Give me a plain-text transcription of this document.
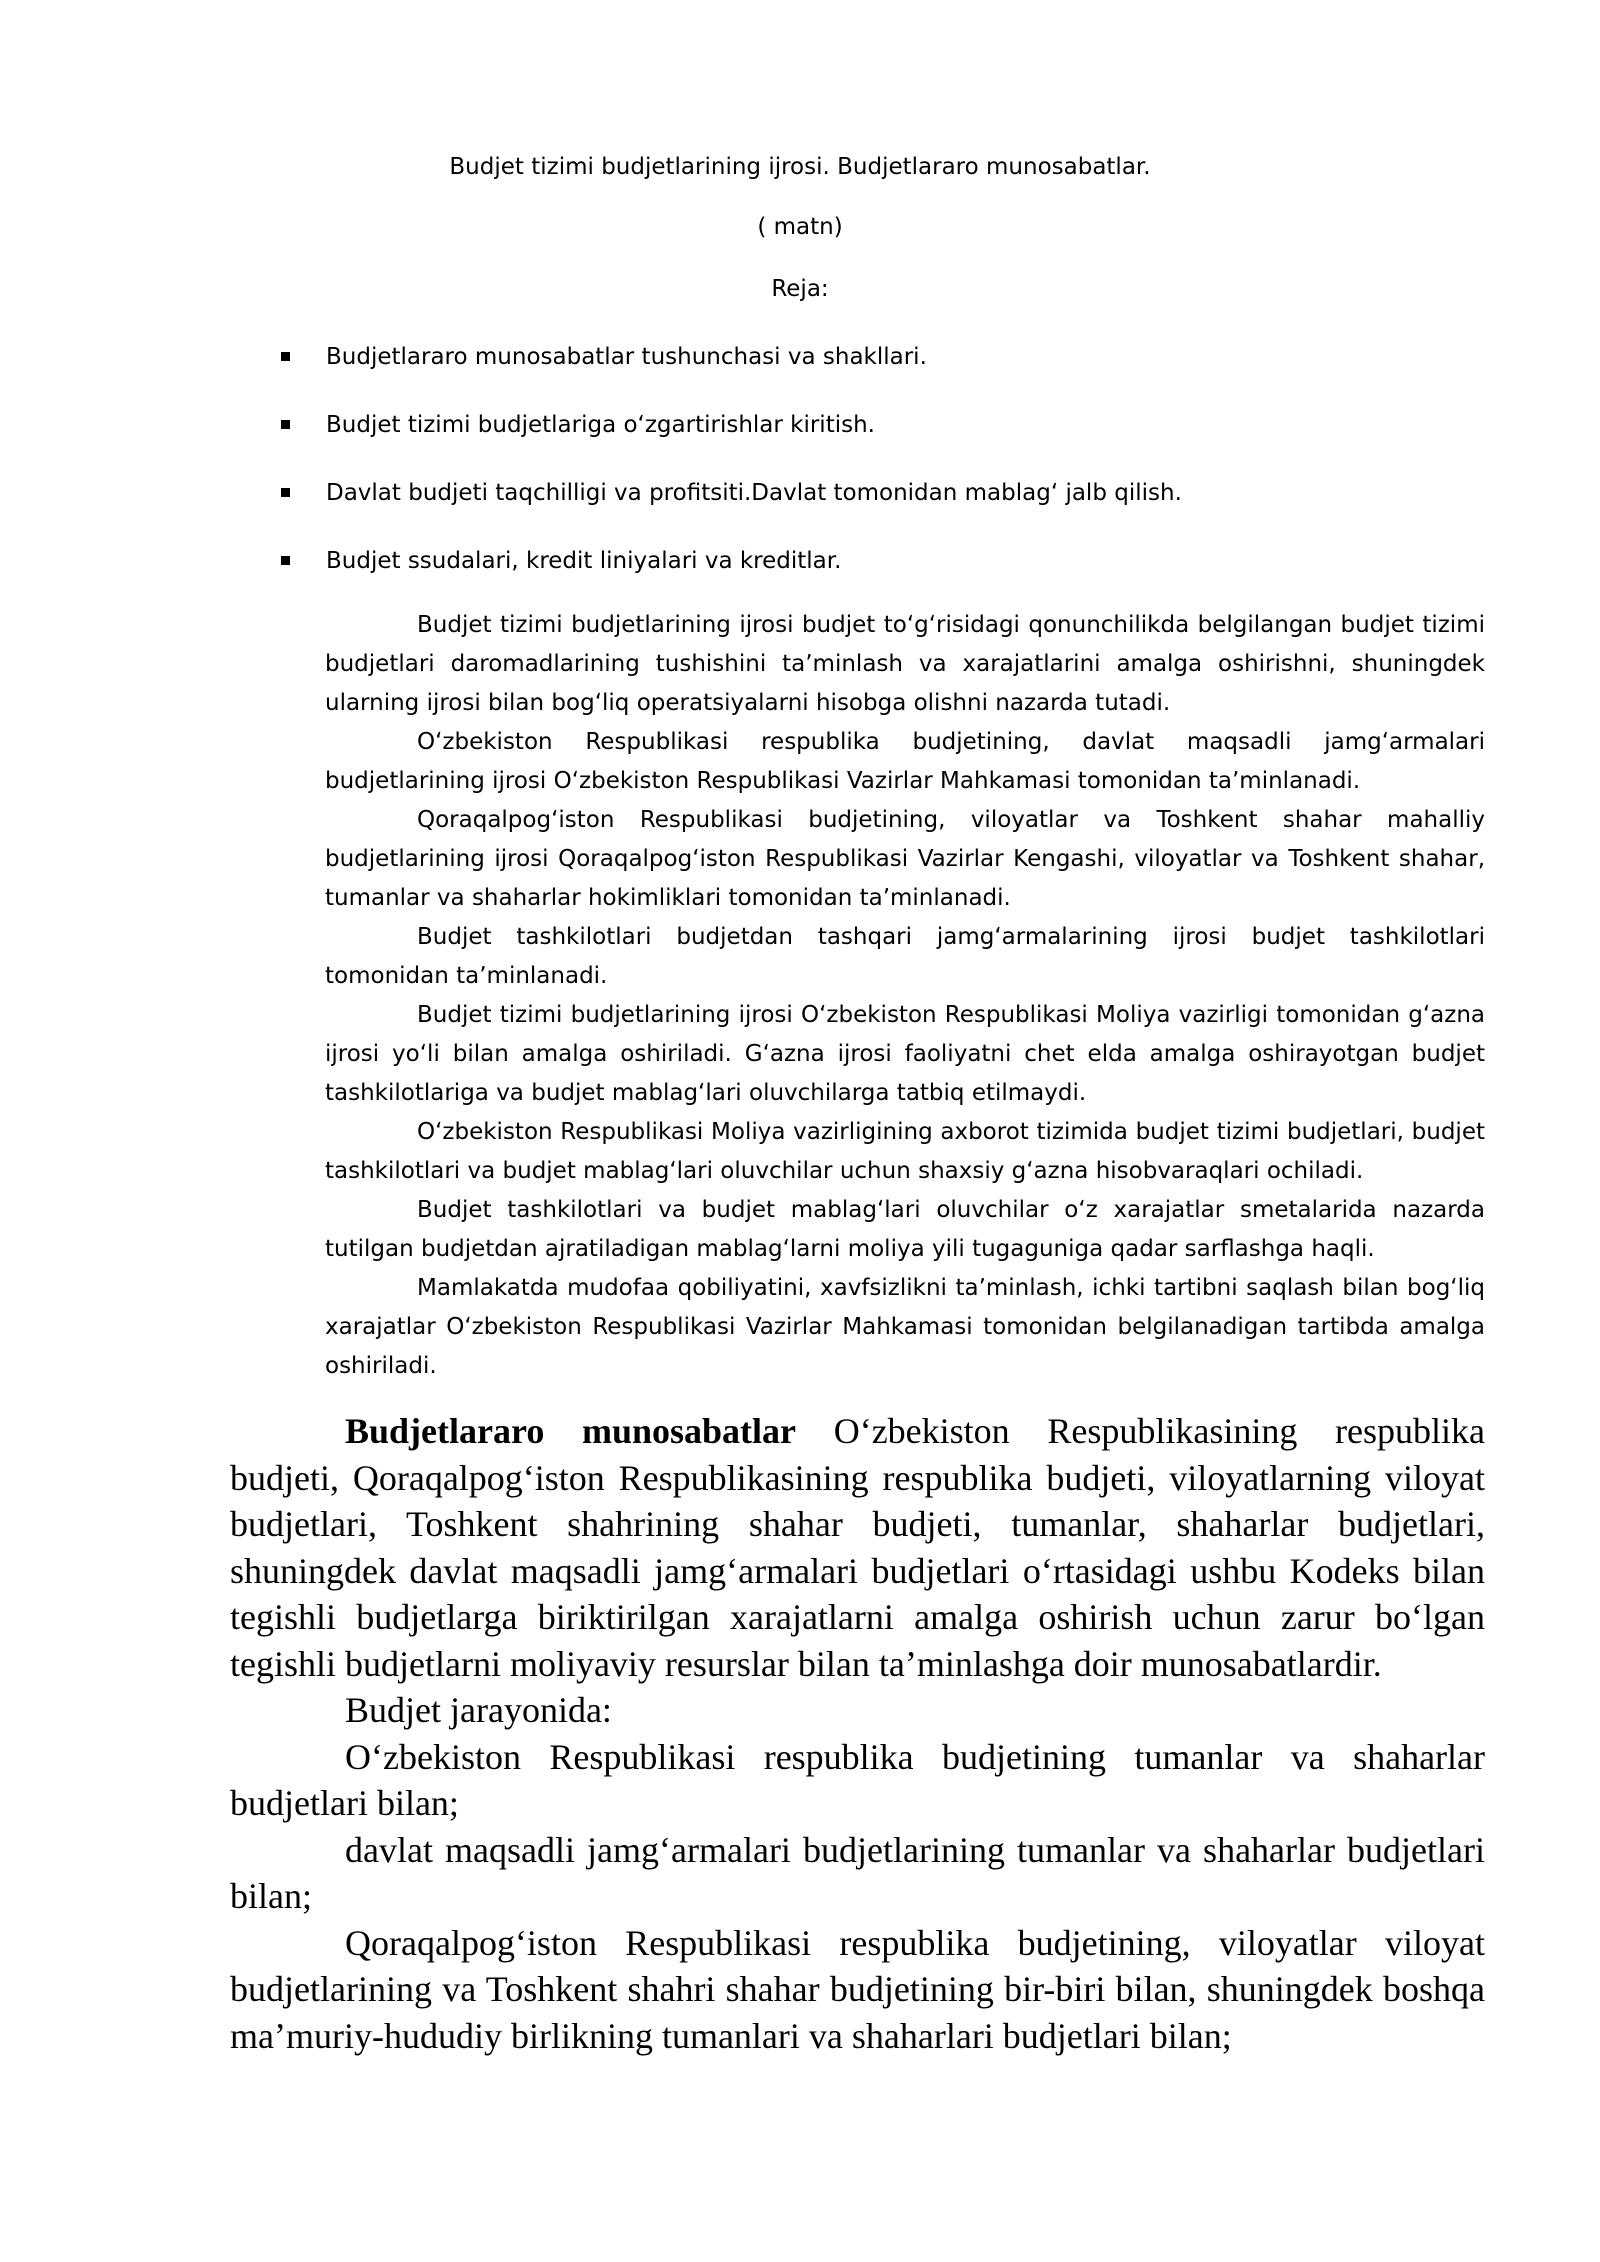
Budjet tizimi budjetlarining ijrosi. Budjetlararo munosabatlar.
( matn)
Reja:
Budjetlararo munosabatlar tushunchasi va shakllari.
Budjet tizimi budjetlariga oʻzgartirishlar kiritish.
Davlat budjeti taqchilligi va profitsiti.Davlat tomonidan mablagʻ jalb qilish.
Budjet ssudalari, kredit liniyalari va kreditlar.

Budjet tizimi budjetlarining ijrosi budjet toʻgʻrisidagi qonunchilikda belgilangan budjet tizimi budjetlari daromadlarining tushishini taʼminlash va xarajatlarini amalga oshirishni, shuningdek ularning ijrosi bilan bogʻliq operatsiyalarni hisobga olishni nazarda tutadi.

Oʻzbekiston Respublikasi respublika budjetining, davlat maqsadli jamgʻarmalari budjetlarining ijrosi Oʻzbekiston Respublikasi Vazirlar Mahkamasi tomonidan taʼminlanadi.

Qoraqalpogʻiston Respublikasi budjetining, viloyatlar va Toshkent shahar mahalliy budjetlarining ijrosi Qoraqalpogʻiston Respublikasi Vazirlar Kengashi, viloyatlar va Toshkent shahar, tumanlar va shaharlar hokimliklari tomonidan taʼminlanadi.

Budjet tashkilotlari budjetdan tashqari jamgʻarmalarining ijrosi budjet tashkilotlari tomonidan taʼminlanadi.

Budjet tizimi budjetlarining ijrosi Oʻzbekiston Respublikasi Moliya vazirligi tomonidan gʻazna ijrosi yoʻli bilan amalga oshiriladi. Gʻazna ijrosi faoliyatni chet elda amalga oshirayotgan budjet tashkilotlariga va budjet mablagʻlari oluvchilarga tatbiq etilmaydi.

Oʻzbekiston Respublikasi Moliya vazirligining axborot tizimida budjet tizimi budjetlari, budjet tashkilotlari va budjet mablagʻlari oluvchilar uchun shaxsiy gʻazna hisobvaraqlari ochiladi.

Budjet tashkilotlari va budjet mablagʻlari oluvchilar oʻz xarajatlar smetalarida nazarda tutilgan budjetdan ajratiladigan mablagʻlarni moliya yili tugaguniga qadar sarflashga haqli.

Mamlakatda mudofaa qobiliyatini, xavfsizlikni taʼminlash, ichki tartibni saqlash bilan bogʻliq xarajatlar Oʻzbekiston Respublikasi Vazirlar Mahkamasi tomonidan belgilanadigan tartibda amalga oshiriladi.

Budjetlararo munosabatlar Oʻzbekiston Respublikasining respublika budjeti, Qoraqalpogʻiston Respublikasining respublika budjeti, viloyatlarning viloyat budjetlari, Toshkent shahrining shahar budjeti, tumanlar, shaharlar budjetlari, shuningdek davlat maqsadli jamgʻarmalari budjetlari oʻrtasidagi ushbu Kodeks bilan tegishli budjetlarga biriktirilgan xarajatlarni amalga oshirish uchun zarur boʻlgan tegishli budjetlarni moliyaviy resurslar bilan taʼminlashga doir munosabatlardir.

Budjet jarayonida:

Oʻzbekiston Respublikasi respublika budjetining tumanlar va shaharlar budjetlari bilan;

davlat maqsadli jamgʻarmalari budjetlarining tumanlar va shaharlar budjetlari bilan;

Qoraqalpogʻiston Respublikasi respublika budjetining, viloyatlar viloyat budjetlarining va Toshkent shahri shahar budjetining bir-biri bilan, shuningdek boshqa maʼmuriy-hududiy birlikning tumanlari va shaharlari budjetlari bilan;
